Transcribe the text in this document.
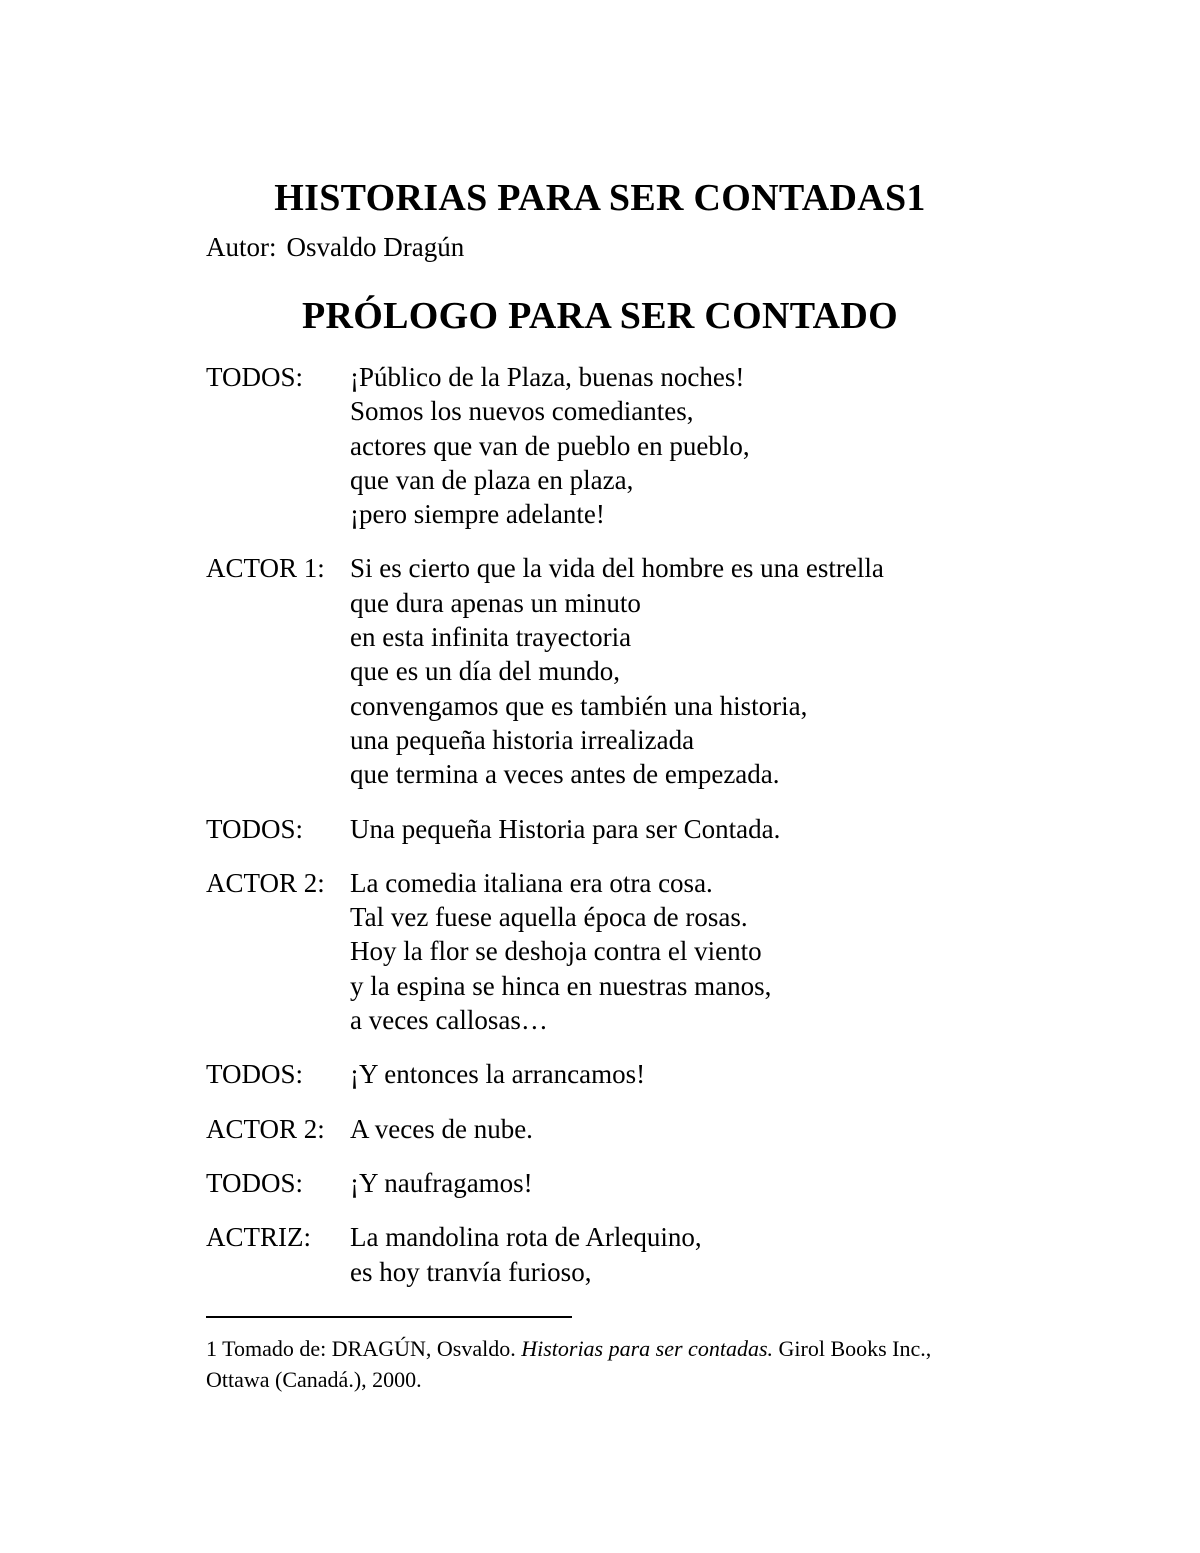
HISTORIAS PARA SER CONTADAS1
Autor: Osvaldo Dragún
PRÓLOGO PARA SER CONTADO
TODOS:	¡Público de la Plaza, buenas noches!
Somos los nuevos comediantes,
actores que van de pueblo en pueblo,
que van de plaza en plaza,
¡pero siempre adelante!
ACTOR 1: Si es cierto que la vida del hombre es una estrella
que dura apenas un minuto
en esta infinita trayectoria
que es un día del mundo,
convengamos que es también una historia,
una pequeña historia irrealizada
que termina a veces antes de empezada.
TODOS:	Una pequeña Historia para ser Contada.
ACTOR 2: La comedia italiana era otra cosa.
Tal vez fuese aquella época de rosas.
Hoy la flor se deshoja contra el viento
y la espina se hinca en nuestras manos,
a veces callosas…
TODOS:	¡Y entonces la arrancamos!
ACTOR 2: A veces de nube.
TODOS:	¡Y naufragamos!
ACTRIZ:	La mandolina rota de Arlequino,
es hoy tranvía furioso,
1 Tomado de: DRAGÚN, Osvaldo. Historias para ser contadas. Girol Books Inc.,
Ottawa (Canadá.), 2000.
